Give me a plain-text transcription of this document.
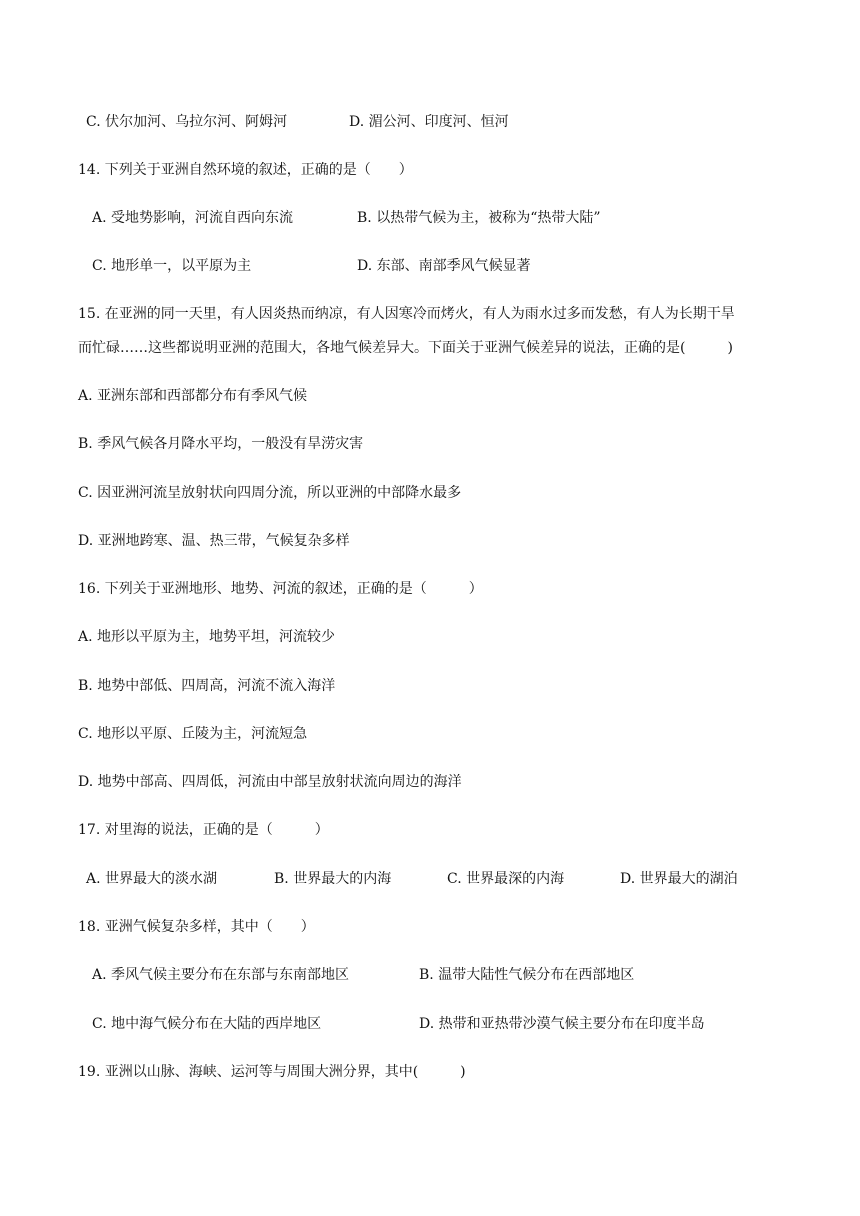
C. 伏尔加河、乌拉尔河、阿姆河	D. 湄公河、印度河、恒河
14. 下列关于亚洲自然环境的叙述，正确的是（　　）
A. 受地势影响，河流自西向东流	B. 以热带气候为主，被称为“热带大陆”
C. 地形单一，以平原为主	D. 东部、南部季风气候显著
15. 在亚洲的同一天里，有人因炎热而纳凉，有人因寒冷而烤火，有人为雨水过多而发愁，有人为长期干旱
而忙碌……这些都说明亚洲的范围大，各地气候差异大。下面关于亚洲气候差异的说法，正确的是(　　　)
A. 亚洲东部和西部都分布有季风气候
B. 季风气候各月降水平均，一般没有旱涝灾害
C. 因亚洲河流呈放射状向四周分流，所以亚洲的中部降水最多
D. 亚洲地跨寒、温、热三带，气候复杂多样
16. 下列关于亚洲地形、地势、河流的叙述，正确的是（　　　）
A. 地形以平原为主，地势平坦，河流较少
B. 地势中部低、四周高，河流不流入海洋
C. 地形以平原、丘陵为主，河流短急
D. 地势中部高、四周低，河流由中部呈放射状流向周边的海洋
17. 对里海的说法，正确的是（　　　）
A. 世界最大的淡水湖	B. 世界最大的内海	C. 世界最深的内海	D. 世界最大的湖泊
18. 亚洲气候复杂多样，其中（　　）
A. 季风气候主要分布在东部与东南部地区	B. 温带大陆性气候分布在西部地区
C. 地中海气候分布在大陆的西岸地区	D. 热带和亚热带沙漠气候主要分布在印度半岛
19. 亚洲以山脉、海峡、运河等与周围大洲分界，其中(　　　)
